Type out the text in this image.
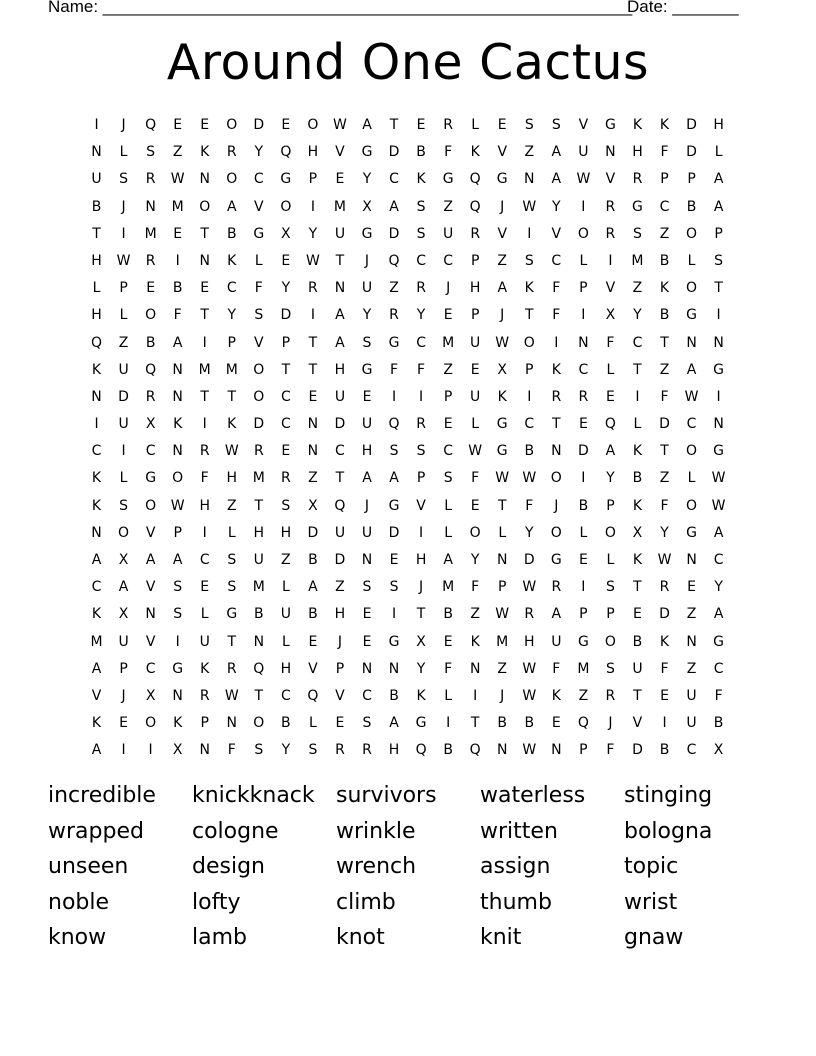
Name: ________________________________________________________
Date: _______
Around One Cactus
I	J	Q	E	E	O	D	E	O	W	A	T	E	R	L	E	S	S	V	G	K	K	D	H
N	L	S	Z	K	R	Y	Q	H	V	G	D	B	F	K	V	Z	A	U	N	H	F	D	L
U	S	R	W	N	O	C	G	P	E	Y	C	K	G	Q	G	N	A	W	V	R	P	P	A
B	J	N	M	O	A	V	O	I	M	X	A	S	Z	Q	J	W	Y	I	R	G	C	B	A
T	I	M	E	T	B	G	X	Y	U	G	D	S	U	R	V	I	V	O	R	S	Z	O	P
H	W	R	I	N	K	L	E	W	T	J	Q	C	C	P	Z	S	C	L	I	M	B	L	S
L	P	E	B	E	C	F	Y	R	N	U	Z	R	J	H	A	K	F	P	V	Z	K	O	T
H	L	O	F	T	Y	S	D	I	A	Y	R	Y	E	P	J	T	F	I	X	Y	B	G	I
Q	Z	B	A	I	P	V	P	T	A	S	G	C	M	U	W	O	I	N	F	C	T	N	N
K	U	Q	N	M	M	O	T	T	H	G	F	F	Z	E	X	P	K	C	L	T	Z	A	G
N	D	R	N	T	T	O	C	E	U	E	I	I	P	U	K	I	R	R	E	I	F	W	I
I	U	X	K	I	K	D	C	N	D	U	Q	R	E	L	G	C	T	E	Q	L	D	C	N
C	I	C	N	R	W	R	E	N	C	H	S	S	C	W	G	B	N	D	A	K	T	O	G
K	L	G	O	F	H	M	R	Z	T	A	A	P	S	F	W W	O	I	Y	B	Z	L	W
K	S	O	W	H	Z	T	S	X	Q	J	G	V	L	E	T	F	J	B	P	K	F	O	W
N	O	V	P	I	L	H	H	D	U	U	D	I	L	O	L	Y	O	L	O	X	Y	G	A
A	X	A	A	C	S	U	Z	B	D	N	E	H	A	Y	N	D	G	E	L	K	W	N	C
C	A	V	S	E	S	M	L	A	Z	S	S	J	M	F	P	W	R	I	S	T	R	E	Y
K	X	N	S	L	G	B	U	B	H	E	I	T	B	Z	W	R	A	P	P	E	D	Z	A
M	U	V	I	U	T	N	L	E	J	E	G	X	E	K	M	H	U	G	O	B	K	N	G
A	P	C	G	K	R	Q	H	V	P	N	N	Y	F	N	Z	W	F	M	S	U	F	Z	C
V	J	X	N	R	W	T	C	Q	V	C	B	K	L	I	J	W	K	Z	R	T	E	U	F
K	E	O	K	P	N	O	B	L	E	S	A	G	I	T	B	B	E	Q	J	V	I	U	B
A	I	I	X	N	F	S	Y	S	R	R	H	Q	B	Q	N	W	N	P	F	D	B	C	X
incredible	knickknack survivors	waterless	stinging
wrapped	cologne	wrinkle	written	bologna
unseen	design	wrench	assign	topic
noble	lofty	climb	thumb	wrist
know	lamb	knot	knit	gnaw
